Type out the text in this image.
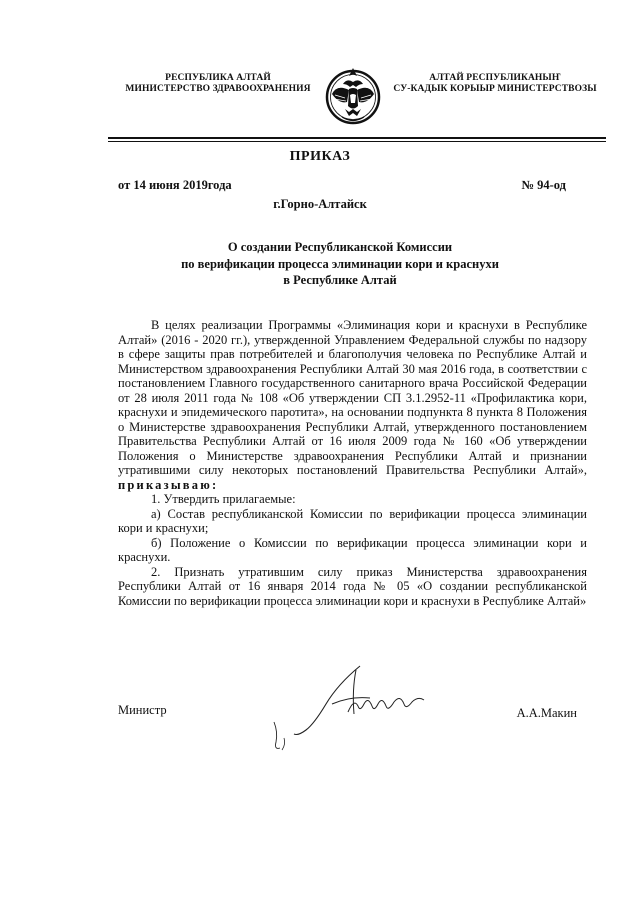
РЕСПУБЛИКА АЛТАЙ
МИНИСТЕРСТВО ЗДРАВООХРАНЕНИЯ
АЛТАЙ РЕСПУБЛИКАНЫҤ
СУ-КАДЫК КОРЫЫР МИНИСТЕРСТВОЗЫ
ПРИКАЗ
от 14 июня 2019года	№ 94-од
г.Горно-Алтайск
О создании Республиканской Комиссии
по верификации процесса элиминации кори и краснухи
в Республике Алтай

В целях реализации Программы «Элиминация кори и краснухи в Республике Алтай» (2016 - 2020 гг.), утвержденной Управлением Федеральной службы по надзору в сфере защиты прав потребителей и благополучия человека по Республике Алтай и Министерством здравоохранения Республики Алтай 30 мая 2016 года, в соответствии с постановлением Главного государственного санитарного врача Российской Федерации от 28 июля 2011 года № 108 «Об утверждении СП 3.1.2952-11 «Профилактика кори, краснухи и эпидемического паротита», на основании подпункта 8 пункта 8 Положения о Министерстве здравоохранения Республики Алтай, утвержденного постановлением Правительства Республики Алтай от 16 июля 2009 года № 160 «Об утверждении Положения о Министерстве здравоохранения Республики Алтай и признании утратившими силу некоторых постановлений Правительства Республики Алтай», приказываю:

1. Утвердить прилагаемые:

а) Состав республиканской Комиссии по верификации процесса элиминации кори и краснухи;

б) Положение о Комиссии по верификации процесса элиминации кори и краснухи.

2. Признать утратившим силу приказ Министерства здравоохранения Республики Алтай от 16 января 2014 года № 05 «О создании республиканской Комиссии по верификации процесса элиминации кори и краснухи в Республике Алтай»

Министр	А.А.Макин
